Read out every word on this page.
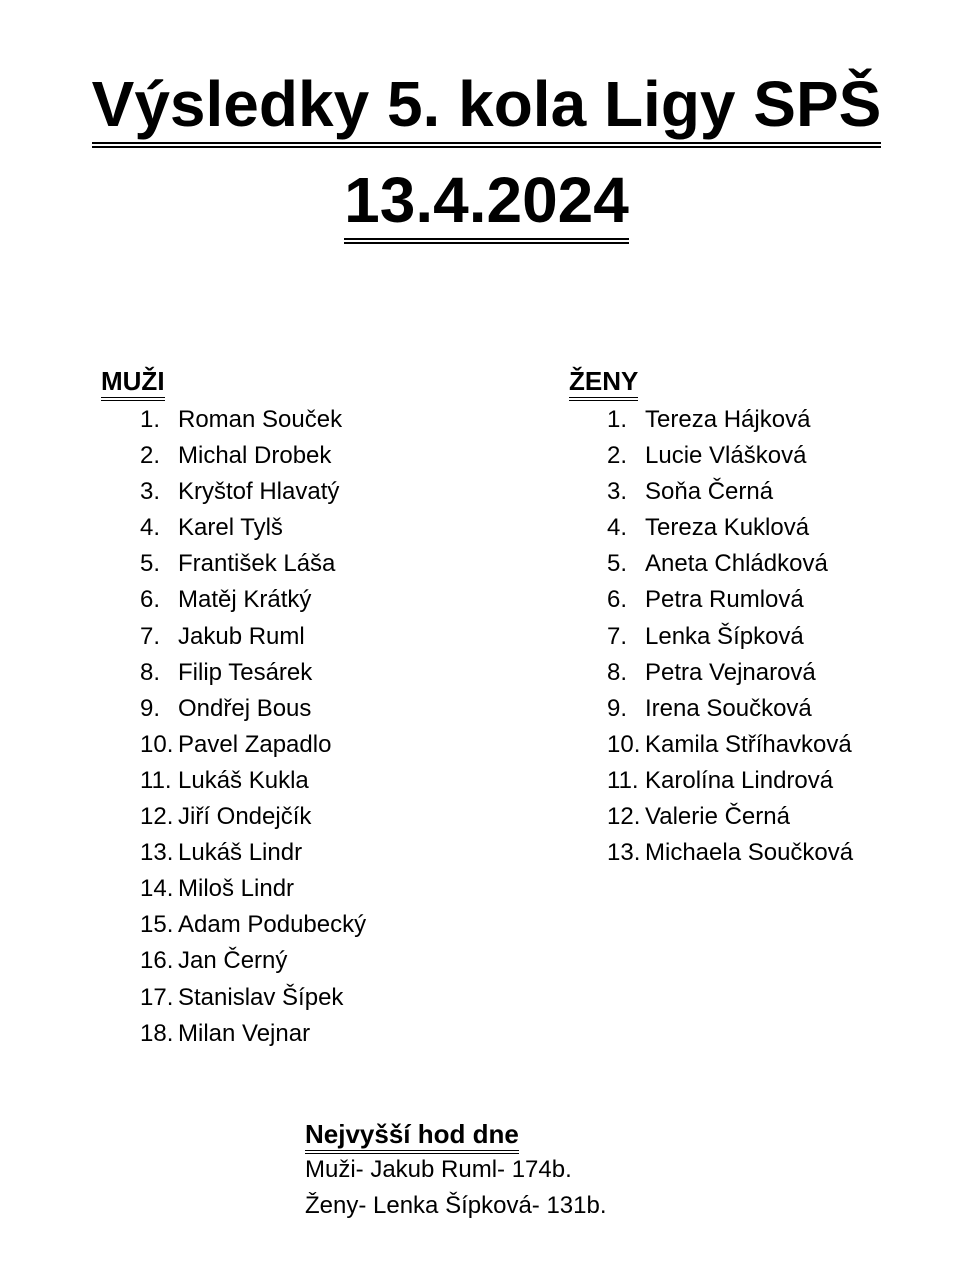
Výsledky 5. kola Ligy SPŠ
13.4.2024
MUŽI
1. Roman Souček
2. Michal Drobek
3. Kryštof Hlavatý
4. Karel Tylš
5. František Láša
6. Matěj Krátký
7. Jakub Ruml
8. Filip Tesárek
9. Ondřej Bous
10. Pavel Zapadlo
11. Lukáš Kukla
12. Jiří Ondejčík
13. Lukáš Lindr
14. Miloš Lindr
15. Adam Podubecký
16. Jan Černý
17. Stanislav Šípek
18. Milan Vejnar
ŽENY
1. Tereza Hájková
2. Lucie Vlášková
3. Soňa Černá
4. Tereza Kuklová
5. Aneta Chládková
6. Petra Rumlová
7. Lenka Šípková
8. Petra Vejnarová
9. Irena Součková
10. Kamila Stříhavková
11. Karolína Lindrová
12. Valerie Černá
13. Michaela Součková
Nejvyšší hod dne
Muži- Jakub Ruml- 174b.
Ženy- Lenka Šípková- 131b.
